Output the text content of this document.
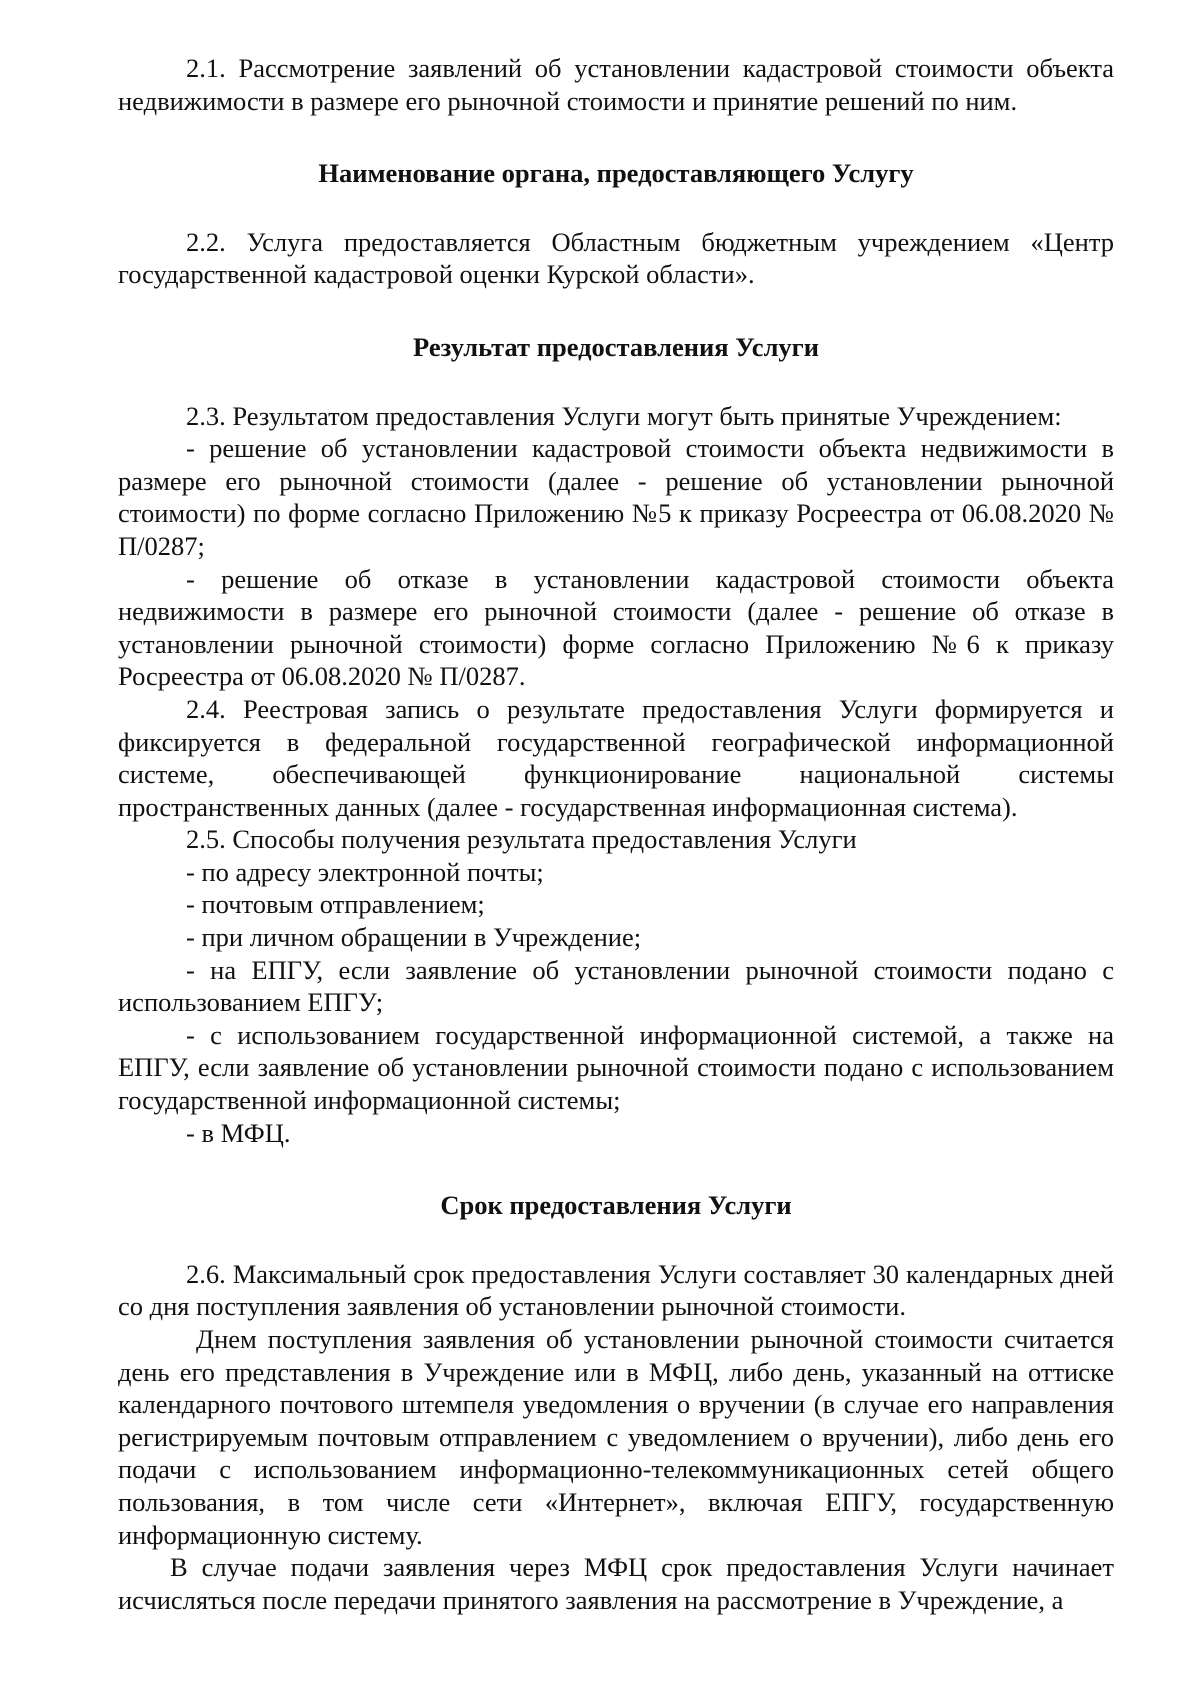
2.1. Рассмотрение заявлений об установлении кадастровой стоимости объекта недвижимости в размере его рыночной стоимости и принятие решений по ним.

Наименование органа, предоставляющего Услугу

2.2. Услуга предоставляется Областным бюджетным учреждением «Центр государственной кадастровой оценки Курской области».

Результат предоставления Услуги

2.3. Результатом предоставления Услуги могут быть принятые Учреждением:

- решение об установлении кадастровой стоимости объекта недвижимости в размере его рыночной стоимости (далее - решение об установлении рыночной стоимости) по форме согласно Приложению №5 к приказу Росреестра от 06.08.2020 № П/0287;

- решение об отказе в установлении кадастровой стоимости объекта недвижимости в размере его рыночной стоимости (далее - решение об отказе в установлении рыночной стоимости) форме согласно Приложению №6 к приказу Росреестра от 06.08.2020 № П/0287.

2.4. Реестровая запись о результате предоставления Услуги формируется и фиксируется в федеральной государственной географической информационной системе, обеспечивающей функционирование национальной системы пространственных данных (далее - государственная информационная система).

2.5. Способы получения результата предоставления Услуги

- по адресу электронной почты;

- почтовым отправлением;

- при личном обращении в Учреждение;

- на ЕПГУ, если заявление об установлении рыночной стоимости подано с использованием ЕПГУ;

- с использованием государственной информационной системой, а также на ЕПГУ, если заявление об установлении рыночной стоимости подано с использованием государственной информационной системы;

- в МФЦ.

Срок предоставления Услуги

2.6. Максимальный срок предоставления Услуги составляет 30 календарных дней со дня поступления заявления об установлении рыночной стоимости.

Днем поступления заявления об установлении рыночной стоимости считается день его представления в Учреждение или в МФЦ, либо день, указанный на оттиске календарного почтового штемпеля уведомления о вручении (в случае его направления регистрируемым почтовым отправлением с уведомлением о вручении), либо день его подачи с использованием информационно-телекоммуникационных сетей общего пользования, в том числе сети «Интернет», включая ЕПГУ, государственную информационную систему.

В случае подачи заявления через МФЦ срок предоставления Услуги начинает исчисляться после передачи принятого заявления на рассмотрение в Учреждение, а
